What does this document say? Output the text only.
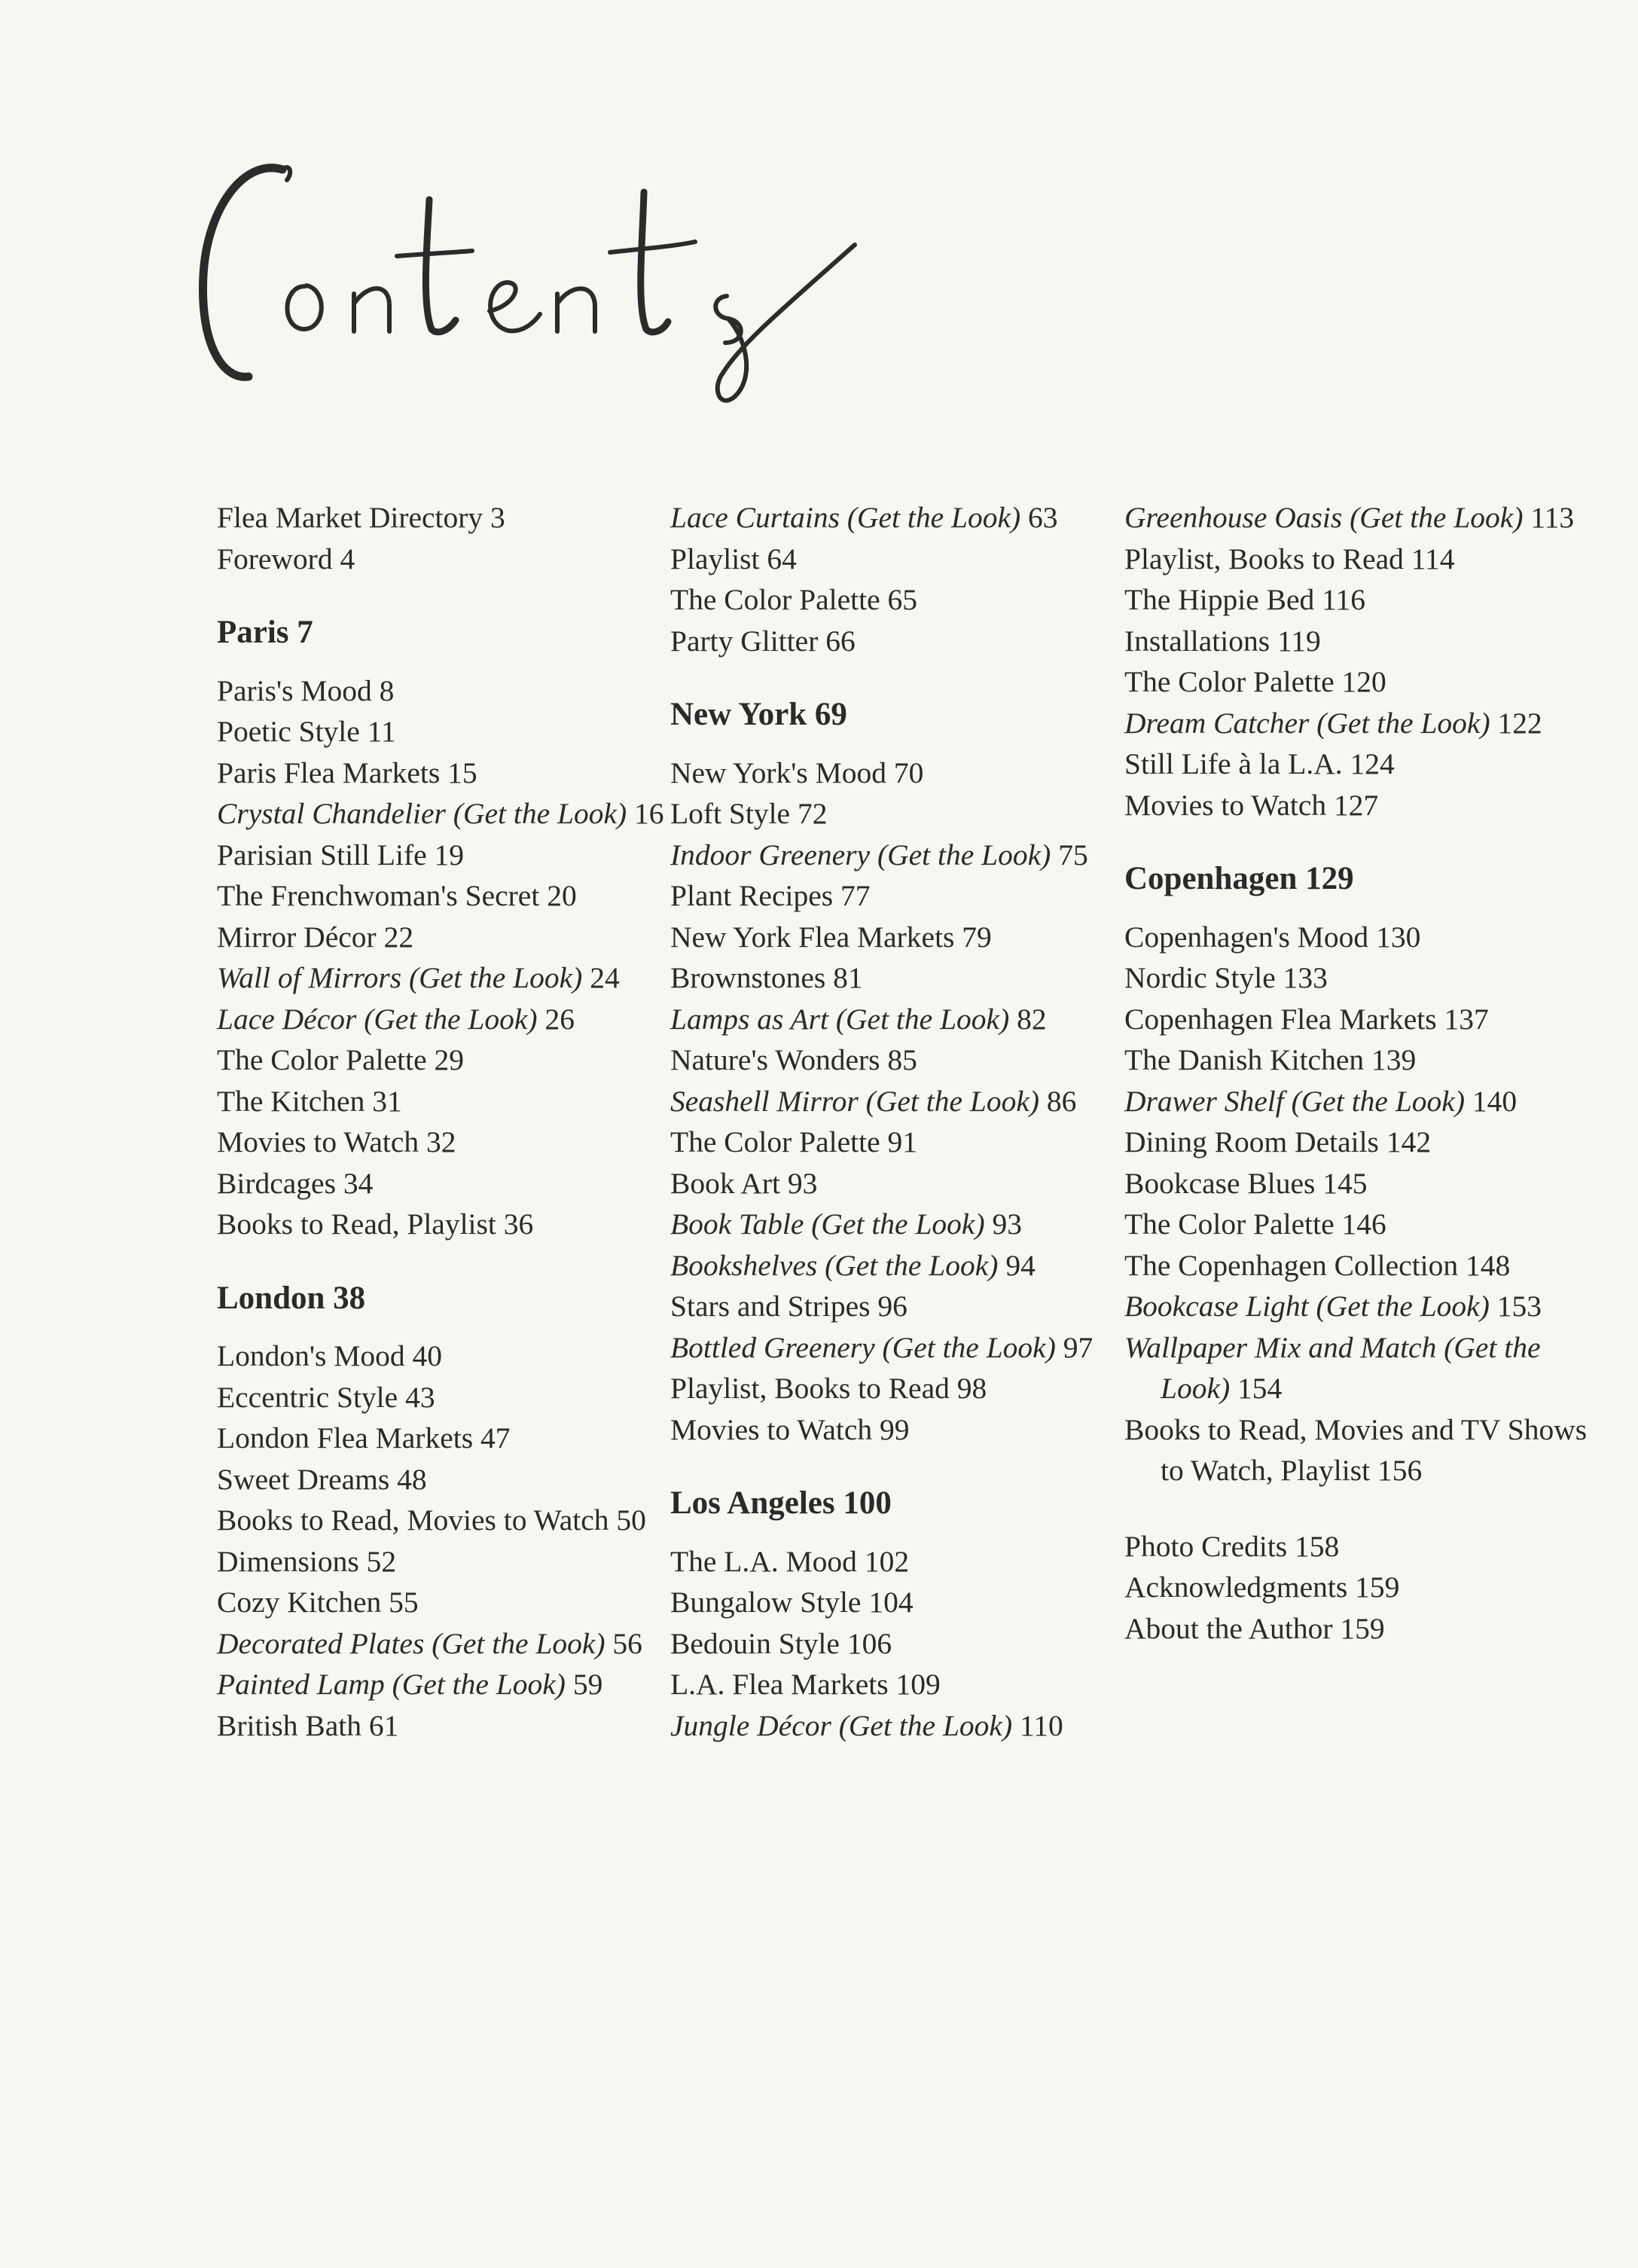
Flea Market Directory 3

Foreword 4

Paris 7

Paris's Mood 8

Poetic Style 11

Paris Flea Markets 15

Crystal Chandelier (Get the Look) 16

Parisian Still Life 19

The Frenchwoman's Secret 20

Mirror Décor 22

Wall of Mirrors (Get the Look) 24

Lace Décor (Get the Look) 26

The Color Palette 29

The Kitchen 31

Movies to Watch 32

Birdcages 34

Books to Read, Playlist 36

London 38

London's Mood 40

Eccentric Style 43

London Flea Markets 47

Sweet Dreams 48

Books to Read, Movies to Watch 50

Dimensions 52

Cozy Kitchen 55

Decorated Plates (Get the Look) 56

Painted Lamp (Get the Look) 59

British Bath 61

Lace Curtains (Get the Look) 63

Playlist 64

The Color Palette 65

Party Glitter 66

New York 69

New York's Mood 70

Loft Style 72

Indoor Greenery (Get the Look) 75

Plant Recipes 77

New York Flea Markets 79

Brownstones 81

Lamps as Art (Get the Look) 82

Nature's Wonders 85

Seashell Mirror (Get the Look) 86

The Color Palette 91

Book Art 93

Book Table (Get the Look) 93

Bookshelves (Get the Look) 94

Stars and Stripes 96

Bottled Greenery (Get the Look) 97

Playlist, Books to Read 98

Movies to Watch 99

Los Angeles 100

The L.A. Mood 102

Bungalow Style 104

Bedouin Style 106

L.A. Flea Markets 109

Jungle Décor (Get the Look) 110

Greenhouse Oasis (Get the Look) 113

Playlist, Books to Read 114

The Hippie Bed 116

Installations 119

The Color Palette 120

Dream Catcher (Get the Look) 122

Still Life à la L.A. 124

Movies to Watch 127

Copenhagen 129

Copenhagen's Mood 130

Nordic Style 133

Copenhagen Flea Markets 137

The Danish Kitchen 139

Drawer Shelf (Get the Look) 140

Dining Room Details 142

Bookcase Blues 145

The Color Palette 146

The Copenhagen Collection 148

Bookcase Light (Get the Look) 153

Wallpaper Mix and Match (Get the Look) 154

Books to Read, Movies and TV Shows to Watch, Playlist 156

Photo Credits 158

Acknowledgments 159

About the Author 159
